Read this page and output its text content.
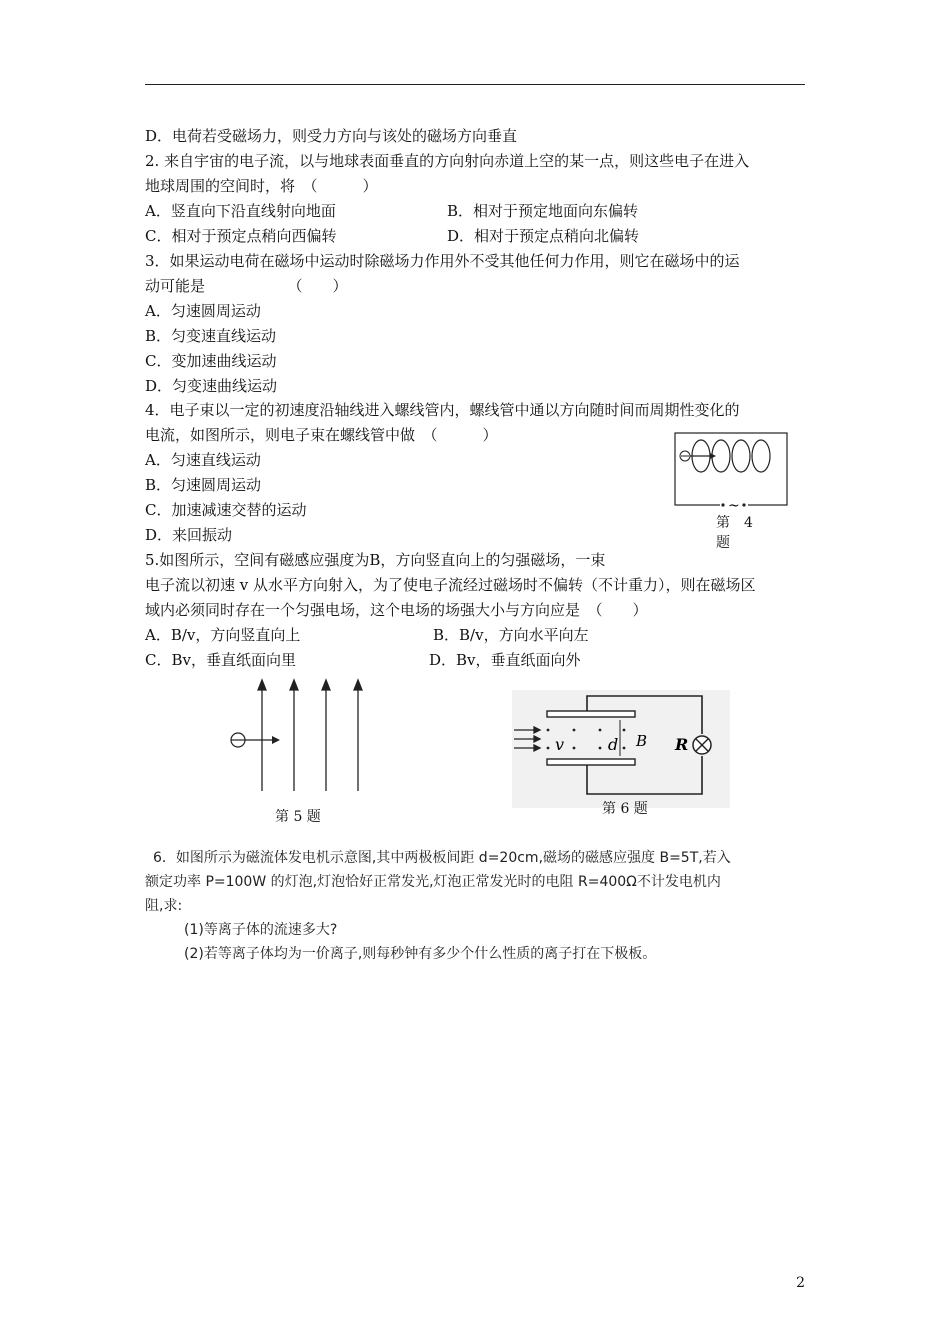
D．电荷若受磁场力，则受力方向与该处的磁场方向垂直
2. 来自宇宙的电子流，以与地球表面垂直的方向射向赤道上空的某一点，则这些电子在进入
地球周围的空间时，将　（　　　）
A．竖直向下沿直线射向地面	B．相对于预定地面向东偏转
C．相对于预定点稍向西偏转	D．相对于预定点稍向北偏转
3．如果运动电荷在磁场中运动时除磁场力作用外不受其他任何力作用，则它在磁场中的运
动可能是　　　　　　（　　）
A．匀速圆周运动
B．匀变速直线运动
C．变加速曲线运动
D．匀变速曲线运动
4．电子束以一定的初速度沿轴线进入螺线管内，螺线管中通以方向随时间而周期性变化的
电流，如图所示，则电子束在螺线管中做　（　　　）
A．匀速直线运动
B．匀速圆周运动
C．加速减速交替的运动
D．来回振动
5.如图所示，空间有磁感应强度为B，方向竖直向上的匀强磁场，一束
电子流以初速 v 从水平方向射入，为了使电子流经过磁场时不偏转（不计重力），则在磁场区
域内必须同时存在一个匀强电场，这个电场的场强大小与方向应是　（　　）
A．B/v，方向竖直向上	B．B/v，方向水平向左
C．Bv，垂直纸面向里	D．Bv，垂直纸面向外
~
第　4
题
第 5 题
v	d B R
第 6 题
6．如图所示为磁流体发电机示意图,其中两极板间距 d=20cm,磁场的磁感应强度 B=5T,若入
额定功率 P=100W 的灯泡,灯泡恰好正常发光,灯泡正常发光时的电阻 R=400Ω不计发电机内
阻,求:
(1)等离子体的流速多大?
(2)若等离子体均为一价离子,则每秒钟有多少个什么性质的离子打在下极板。
2
